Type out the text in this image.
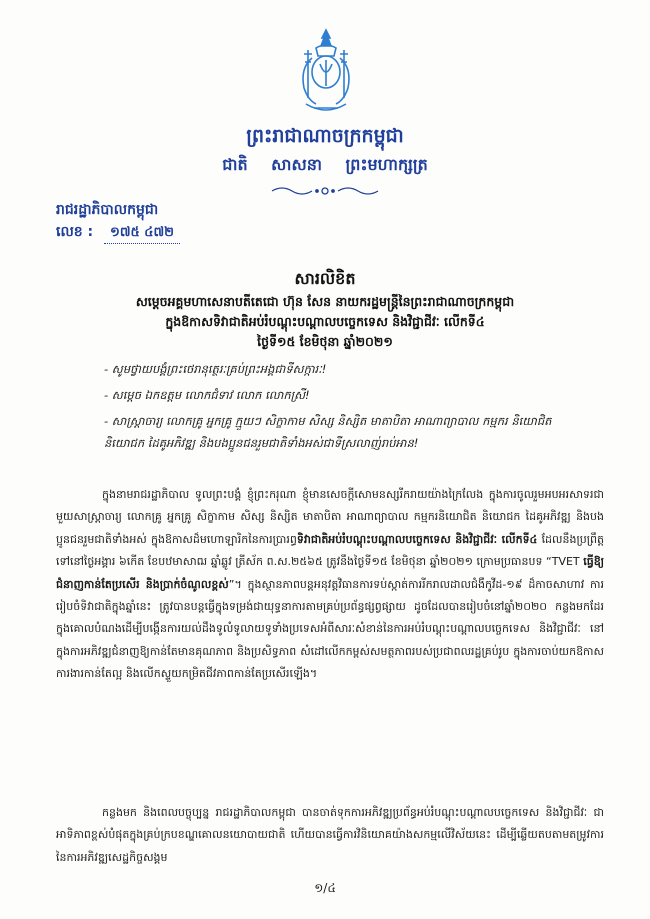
ព្រះរាជាណាចក្រកម្ពុជា
ជាតិ សាសនា ព្រះមហាក្សត្រ
រាជរដ្ឋាភិបាលកម្ពុជា
លេខ : ១៧៥ ៤៧២
សារលិខិត
សម្ដេចអគ្គមហាសេនាបតីតេជោ ហ៊ុន សែន នាយករដ្ឋមន្ត្រីនៃព្រះរាជាណាចក្រកម្ពុជា
ក្នុងឱកាសទិវាជាតិអប់រំបណ្ដុះបណ្ដាលបច្ចេកទេស និងវិជ្ជាជីវៈ លើកទី៤
ថ្ងៃទី១៥ ខែមិថុនា ឆ្នាំ២០២១
- សូមថ្វាយបង្គំព្រះថេរានុត្ថេរៈគ្រប់ព្រះអង្គជាទីសក្ការៈ!
- សម្ដេច ឯកឧត្ដម លោកជំទាវ លោក លោកស្រី!
- សាស្ត្រាចារ្យ លោកគ្រូ អ្នកគ្រូ ក្មួយៗ សិក្ខាកាម សិស្ស និស្សិត មាតាបិតា អាណាព្យាបាល កម្មករ និយោជិត និយោជក ដៃគូអភិវឌ្ឍ និងបងប្អូនជនរួមជាតិទាំងអស់ជាទីស្រលាញ់រាប់អាន!

ក្នុងនាមរាជរដ្ឋាភិបាល ទូលព្រះបង្គំ ខ្ញុំព្រះករុណា ខ្ញុំមានសេចក្ដីសោមនស្សរីករាយយ៉ាងក្រៃលែង ក្នុងការចូលរួមអបអរសាទរជាមួយសាស្ត្រាចារ្យ លោកគ្រូ អ្នកគ្រូ សិក្ខាកាម សិស្ស និស្សិត មាតាបិតា អាណាព្យាបាល កម្មករនិយោជិត និយោជក ដៃគូអភិវឌ្ឍ និងបងប្អូនជនរួមជាតិទាំងអស់ ក្នុងឱកាសដ៏មហោឡារិកនៃការប្រារព្ធទិវាជាតិអប់រំបណ្ដុះបណ្ដាលបច្ចេកទេស និងវិជ្ជាជីវៈ លើកទី៤ ដែលនឹងប្រព្រឹត្តទៅនៅថ្ងៃអង្គារ ៦កើត ខែបឋមាសាឍ ឆ្នាំឆ្លូវ ត្រីស័ក ព.ស.២៥៦៥ ត្រូវនឹងថ្ងៃទី១៥ ខែមិថុនា ឆ្នាំ២០២១ ក្រោមប្រធានបទ “TVET ធ្វើឱ្យជំនាញកាន់តែប្រសើរ និងប្រាក់ចំណូលខ្ពស់”។ ក្នុងស្ថានភាពបន្តអនុវត្តវិធានការទប់ស្កាត់ការរីករាលដាលជំងឺកូវីដ-១៩ ដ៏កាចសាហាវ ការរៀបចំទិវាជាតិក្នុងឆ្នាំនេះ ត្រូវបានបន្តធ្វើក្នុងទម្រង់ជាយុទ្ធនាការតាមគ្រប់ប្រព័ន្ធផ្សព្វផ្សាយ ដូចដែលបានរៀបចំនៅឆ្នាំ២០២០ កន្លងមកដែរ ក្នុងគោលបំណងដើម្បីបង្កើនការយល់ដឹងទូលំទូលាយទូទាំងប្រទេសអំពីសារៈសំខាន់នៃការអប់រំបណ្ដុះបណ្ដាលបច្ចេកទេស និងវិជ្ជាជីវៈ នៅក្នុងការអភិវឌ្ឍជំនាញឱ្យកាន់តែមានគុណភាព និងប្រសិទ្ធភាព សំដៅលើកកម្ពស់សមត្ថភាពរបស់ប្រជាពលរដ្ឋគ្រប់រូប ក្នុងការចាប់យកឱកាសការងារកាន់តែល្អ និងលើកស្ទួយកម្រិតជីវភាពកាន់តែប្រសើរឡើង។

កន្លងមក និងពេលបច្ចុប្បន្ន រាជរដ្ឋាភិបាលកម្ពុជា បានចាត់ទុកការអភិវឌ្ឍប្រព័ន្ធអប់រំបណ្ដុះបណ្ដាលបច្ចេកទេស និងវិជ្ជាជីវៈ ជាអាទិភាពខ្ពស់បំផុតក្នុងគ្រប់ក្របខណ្ឌគោលនយោបាយជាតិ ហើយបានធ្វើការវិនិយោគយ៉ាងសកម្មលើវិស័យនេះ ដើម្បីឆ្លើយតបតាមតម្រូវការនៃការអភិវឌ្ឍសេដ្ឋកិច្ចសង្គម

១/៤
